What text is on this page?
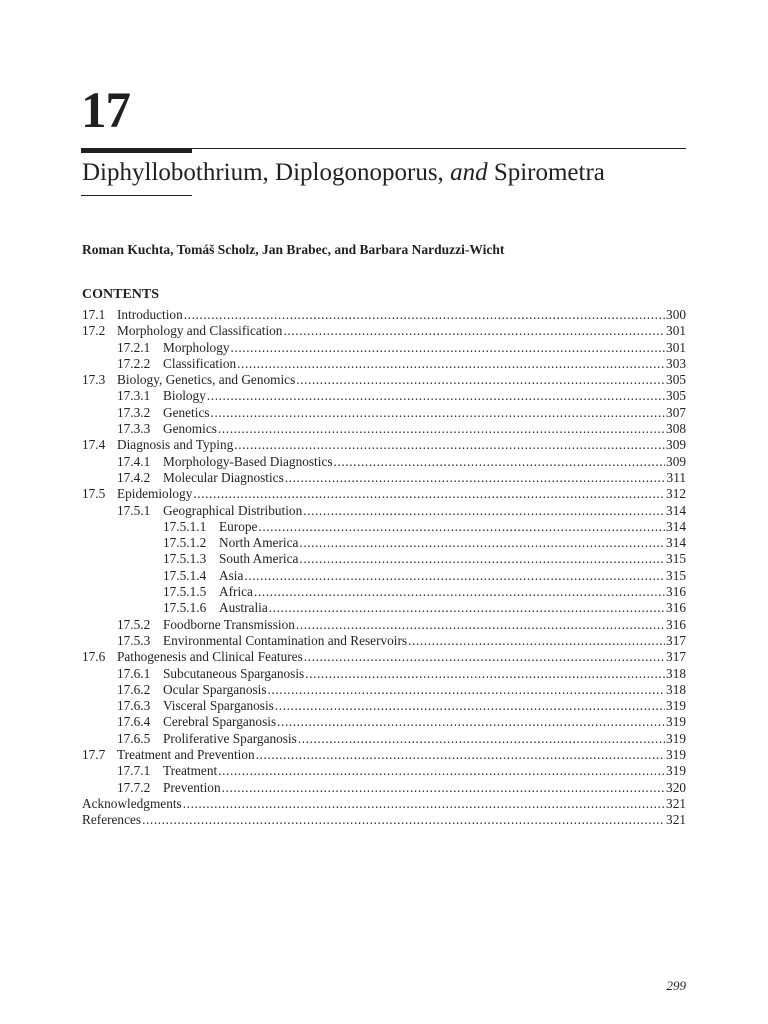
17
Diphyllobothrium, Diplogonoporus, and Spirometra

Roman Kuchta, Tomáš Scholz, Jan Brabec, and Barbara Narduzzi-Wicht

CONTENTS
17.1 Introduction .....	300
17.2 Morphology and Classification .....	301
17.2.1 Morphology .....	301
17.2.2 Classification .....	303
17.3 Biology, Genetics, and Genomics .....	305
17.3.1 Biology .....	305
17.3.2 Genetics .....	307
17.3.3 Genomics .....	308
17.4 Diagnosis and Typing .....	309
17.4.1 Morphology-Based Diagnostics .....	309
17.4.2 Molecular Diagnostics .....	311
17.5 Epidemiology .....	312
17.5.1 Geographical Distribution .....	314
17.5.1.1 Europe .....	314
17.5.1.2 North America .....	314
17.5.1.3 South America .....	315
17.5.1.4 Asia .....	315
17.5.1.5 Africa .....	316
17.5.1.6 Australia .....	316
17.5.2 Foodborne Transmission .....	316
17.5.3 Environmental Contamination and Reservoirs .....	317
17.6 Pathogenesis and Clinical Features .....	317
17.6.1 Subcutaneous Sparganosis .....	318
17.6.2 Ocular Sparganosis .....	318
17.6.3 Visceral Sparganosis .....	319
17.6.4 Cerebral Sparganosis .....	319
17.6.5 Proliferative Sparganosis .....	319
17.7 Treatment and Prevention .....	319
17.7.1 Treatment .....	319
17.7.2 Prevention .....	320
Acknowledgments .....	321
References .....	321

299
